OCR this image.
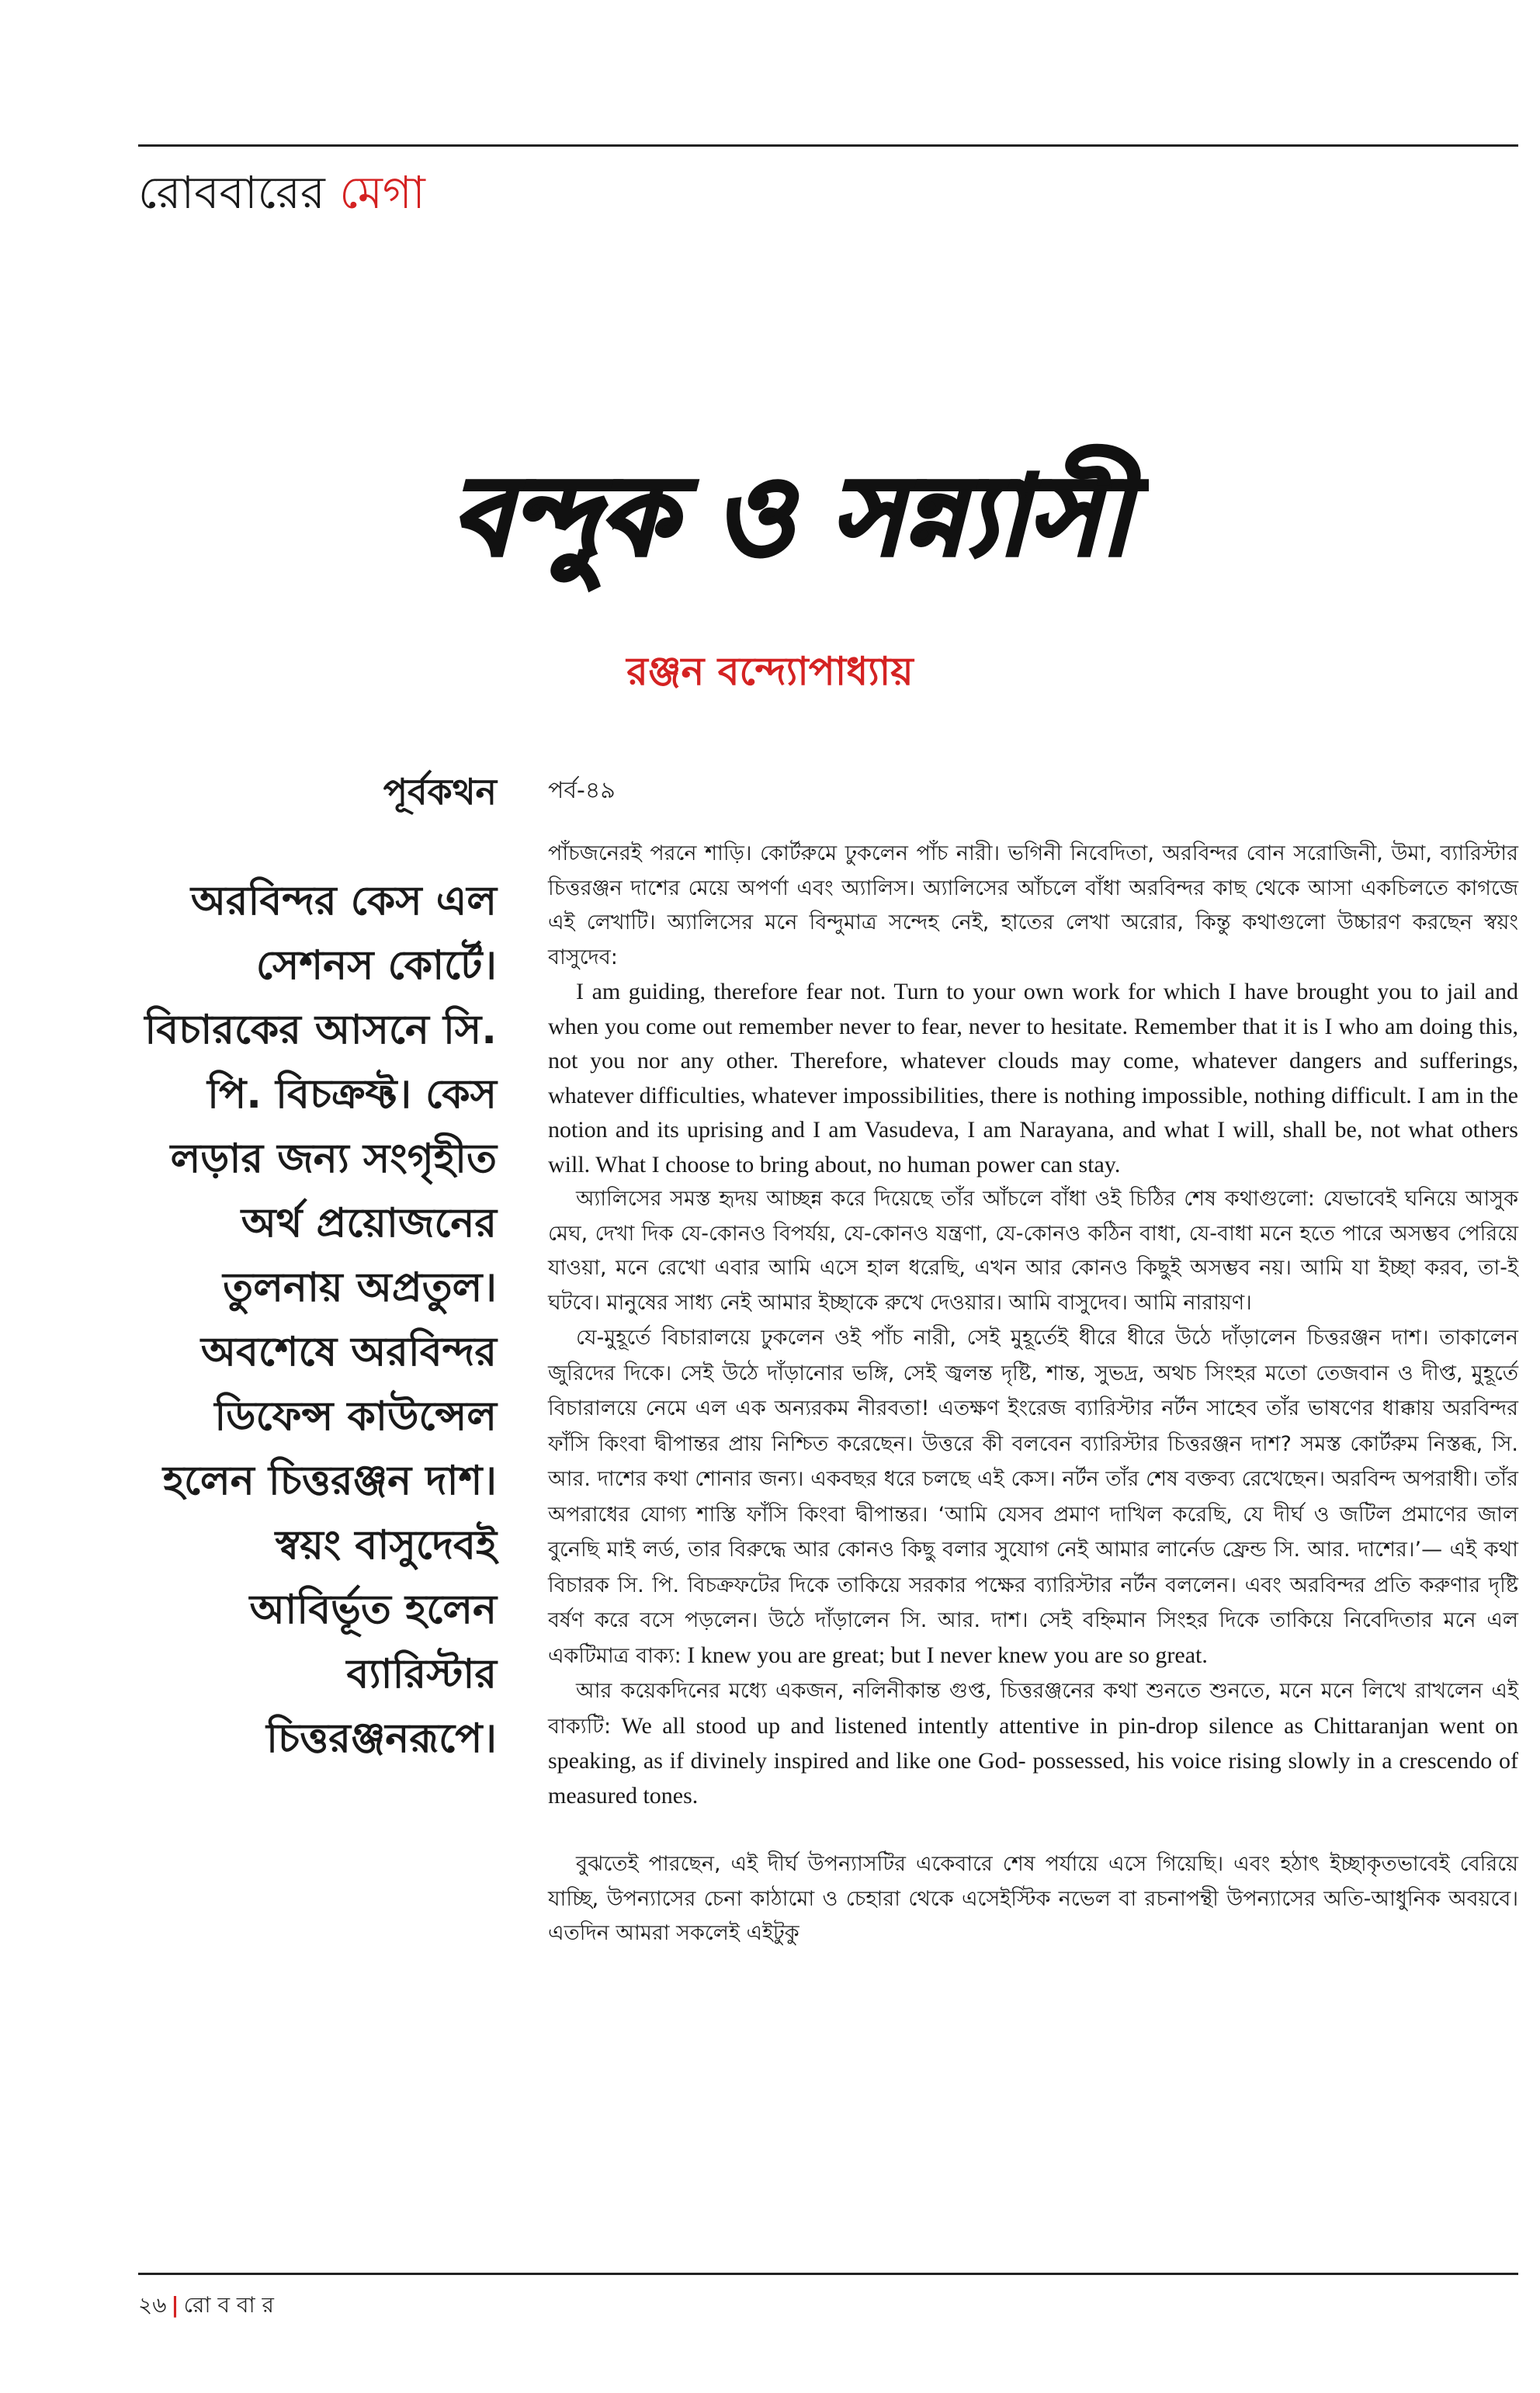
রোববারের মেগা
বন্দুক ও সন্ন্যাসী
রঞ্জন বন্দ্যোপাধ্যায়
পূর্বকথন

অরবিন্দর কেস এল সেশনস কোর্টে। বিচারকের আসনে সি. পি. বিচক্রফ্ট। কেস লড়ার জন্য সংগৃহীত অর্থ প্রয়োজনের তুলনায় অপ্রতুল। অবশেষে অরবিন্দর ডিফেন্স কাউন্সেল হলেন চিত্তরঞ্জন দাশ। স্বয়ং বাসুদেবই আবির্ভূত হলেন ব্যারিস্টার চিত্তরঞ্জনরূপে।

পর্ব-৪৯

পাঁচজনেরই পরনে শাড়ি। কোর্টরুমে ঢুকলেন পাঁচ নারী। ভগিনী নিবেদিতা, অরবিন্দর বোন সরোজিনী, উমা, ব্যারিস্টার চিত্তরঞ্জন দাশের মেয়ে অপর্ণা এবং অ্যালিস। অ্যালিসের আঁচলে বাঁধা অরবিন্দর কাছ থেকে আসা একচিলতে কাগজে এই লেখাটি। অ্যালিসের মনে বিন্দুমাত্র সন্দেহ নেই, হাতের লেখা অরোর, কিন্তু কথাগুলো উচ্চারণ করছেন স্বয়ং বাসুদেব:

I am guiding, therefore fear not. Turn to your own work for which I have brought you to jail and when you come out remember never to fear, never to hesitate. Remember that it is I who am doing this, not you nor any other. Therefore, whatever clouds may come, whatever dangers and sufferings, whatever difficulties, whatever impossibilities, there is nothing impossible, nothing difficult. I am in the notion and its uprising and I am Vasudeva, I am Narayana, and what I will, shall be, not what others will. What I choose to bring about, no human power can stay.

অ্যালিসের সমস্ত হৃদয় আচ্ছন্ন করে দিয়েছে তাঁর আঁচলে বাঁধা ওই চিঠির শেষ কথাগুলো: যেভাবেই ঘনিয়ে আসুক মেঘ, দেখা দিক যে-কোনও বিপর্যয়, যে-কোনও যন্ত্রণা, যে-কোনও কঠিন বাধা, যে-বাধা মনে হতে পারে অসম্ভব পেরিয়ে যাওয়া, মনে রেখো এবার আমি এসে হাল ধরেছি, এখন আর কোনও কিছুই অসম্ভব নয়। আমি যা ইচ্ছা করব, তা-ই ঘটবে। মানুষের সাধ্য নেই আমার ইচ্ছাকে রুখে দেওয়ার। আমি বাসুদেব। আমি নারায়ণ।

যে-মুহূর্তে বিচারালয়ে ঢুকলেন ওই পাঁচ নারী, সেই মুহূর্তেই ধীরে ধীরে উঠে দাঁড়ালেন চিত্তরঞ্জন দাশ। তাকালেন জুরিদের দিকে। সেই উঠে দাঁড়ানোর ভঙ্গি, সেই জ্বলন্ত দৃষ্টি, শান্ত, সুভদ্র, অথচ সিংহর মতো তেজবান ও দীপ্ত, মুহূর্তে বিচারালয়ে নেমে এল এক অন্যরকম নীরবতা! এতক্ষণ ইংরেজ ব্যারিস্টার নর্টন সাহেব তাঁর ভাষণের ধাক্কায় অরবিন্দর ফাঁসি কিংবা দ্বীপান্তর প্রায় নিশ্চিত করেছেন। উত্তরে কী বলবেন ব্যারিস্টার চিত্তরঞ্জন দাশ? সমস্ত কোর্টরুম নিস্তব্ধ, সি. আর. দাশের কথা শোনার জন্য। একবছর ধরে চলছে এই কেস। নর্টন তাঁর শেষ বক্তব্য রেখেছেন। অরবিন্দ অপরাধী। তাঁর অপরাধের যোগ্য শাস্তি ফাঁসি কিংবা দ্বীপান্তর। ‘আমি যেসব প্রমাণ দাখিল করেছি, যে দীর্ঘ ও জটিল প্রমাণের জাল বুনেছি মাই লর্ড, তার বিরুদ্ধে আর কোনও কিছু বলার সুযোগ নেই আমার লার্নেড ফ্রেন্ড সি. আর. দাশের।’— এই কথা বিচারক সি. পি. বিচক্রফটের দিকে তাকিয়ে সরকার পক্ষের ব্যারিস্টার নর্টন বললেন। এবং অরবিন্দর প্রতি করুণার দৃষ্টি বর্ষণ করে বসে পড়লেন। উঠে দাঁড়ালেন সি. আর. দাশ। সেই বহ্নিমান সিংহর দিকে তাকিয়ে নিবেদিতার মনে এল একটিমাত্র বাক্য: I knew you are great; but I never knew you are so great.

আর কয়েকদিনের মধ্যে একজন, নলিনীকান্ত গুপ্ত, চিত্তরঞ্জনের কথা শুনতে শুনতে, মনে মনে লিখে রাখলেন এই বাক্যটি: We all stood up and listened intently attentive in pin-drop silence as Chittaranjan went on speaking, as if divinely inspired and like one God- possessed, his voice rising slowly in a crescendo of measured tones.

বুঝতেই পারছেন, এই দীর্ঘ উপন্যাসটির একেবারে শেষ পর্যায়ে এসে গিয়েছি। এবং হঠাৎ ইচ্ছাকৃতভাবেই বেরিয়ে যাচ্ছি, উপন্যাসের চেনা কাঠামো ও চেহারা থেকে এসেইস্টিক নভেল বা রচনাপন্থী উপন্যাসের অতি-আধুনিক অবয়বে। এতদিন আমরা সকলেই এইটুকু

২৬ | রো ব বা র
